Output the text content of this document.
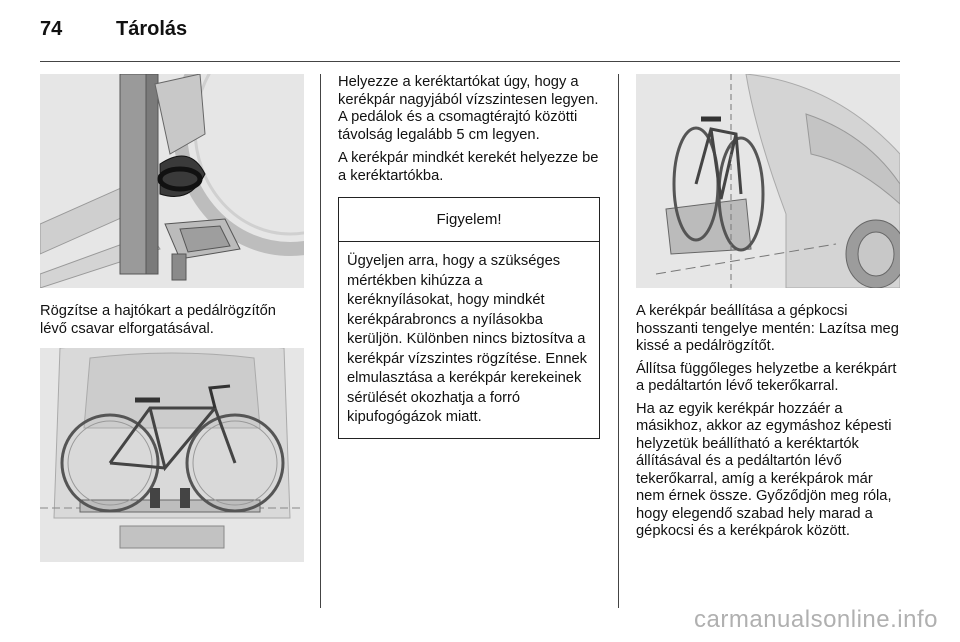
74	Tárolás

Rögzítse a hajtókart a pedálrögzítőn lévő csavar elforgatásával.

Helyezze a keréktartókat úgy, hogy a kerékpár nagyjából vízszintesen legyen. A pedálok és a csomagtérajtó közötti távolság legalább 5 cm legyen.

A kerékpár mindkét kerekét helyezze be a keréktartókba.

Figyelem!
Ügyeljen arra, hogy a szükséges mértékben kihúzza a keréknyílásokat, hogy mindkét kerékpárabroncs a nyílásokba kerüljön. Különben nincs biztosítva a kerékpár vízszintes rögzítése. Ennek elmulasztása a kerékpár kerekeinek sérülését okozhatja a forró kipufogógázok miatt.

A kerékpár beállítása a gépkocsi hosszanti tengelye mentén: Lazítsa meg kissé a pedálrögzítőt.

Állítsa függőleges helyzetbe a kerékpárt a pedáltartón lévő tekerőkarral.

Ha az egyik kerékpár hozzáér a másikhoz, akkor az egymáshoz képesti helyzetük beállítható a keréktartók állításával és a pedáltartón lévő tekerőkarral, amíg a kerékpárok már nem érnek össze. Győződjön meg róla, hogy elegendő szabad hely marad a gépkocsi és a kerékpárok között.

carmanualsonline.info
